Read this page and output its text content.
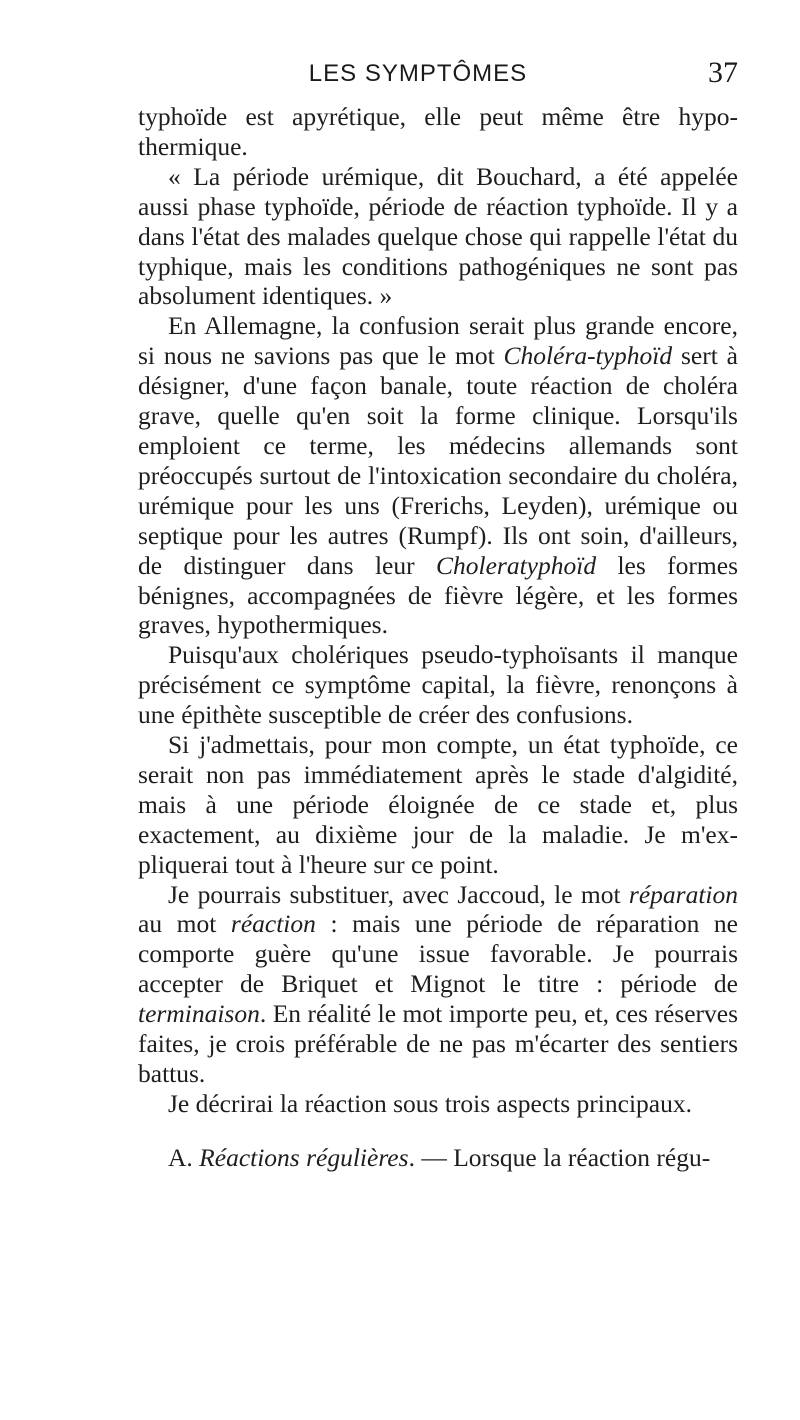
LES SYMPTÔMES	37

typhoïde est apyrétique, elle peut même être hypothermique.

« La période urémique, dit Bouchard, a été appelée aussi phase typhoïde, période de réaction typhoïde. Il y a dans l'état des malades quelque chose qui rappelle l'état du typhique, mais les conditions pathogéniques ne sont pas absolument identiques. »

En Allemagne, la confusion serait plus grande encore, si nous ne savions pas que le mot Choléra-typhoïd sert à désigner, d'une façon banale, toute réaction de choléra grave, quelle qu'en soit la forme clinique. Lorsqu'ils emploient ce terme, les médecins allemands sont préoccupés surtout de l'intoxication secondaire du choléra, urémique pour les uns (Frerichs, Leyden), urémique ou septique pour les autres (Rumpf). Ils ont soin, d'ailleurs, de distinguer dans leur Choleratyphoïd les formes bénignes, accompagnées de fièvre légère, et les formes graves, hypothermiques.

Puisqu'aux cholériques pseudo-typhoïsants il manque précisément ce symptôme capital, la fièvre, renonçons à une épithète susceptible de créer des confusions.

Si j'admettais, pour mon compte, un état typhoïde, ce serait non pas immédiatement après le stade d'algidité, mais à une période éloignée de ce stade et, plus exactement, au dixième jour de la maladie. Je m'expliquerai tout à l'heure sur ce point.

Je pourrais substituer, avec Jaccoud, le mot réparation au mot réaction : mais une période de réparation ne comporte guère qu'une issue favorable. Je pourrais accepter de Briquet et Mignot le titre : période de terminaison. En réalité le mot importe peu, et, ces réserves faites, je crois préférable de ne pas m'écarter des sentiers battus.

Je décrirai la réaction sous trois aspects principaux.

A. Réactions régulières. — Lorsque la réaction régu-
